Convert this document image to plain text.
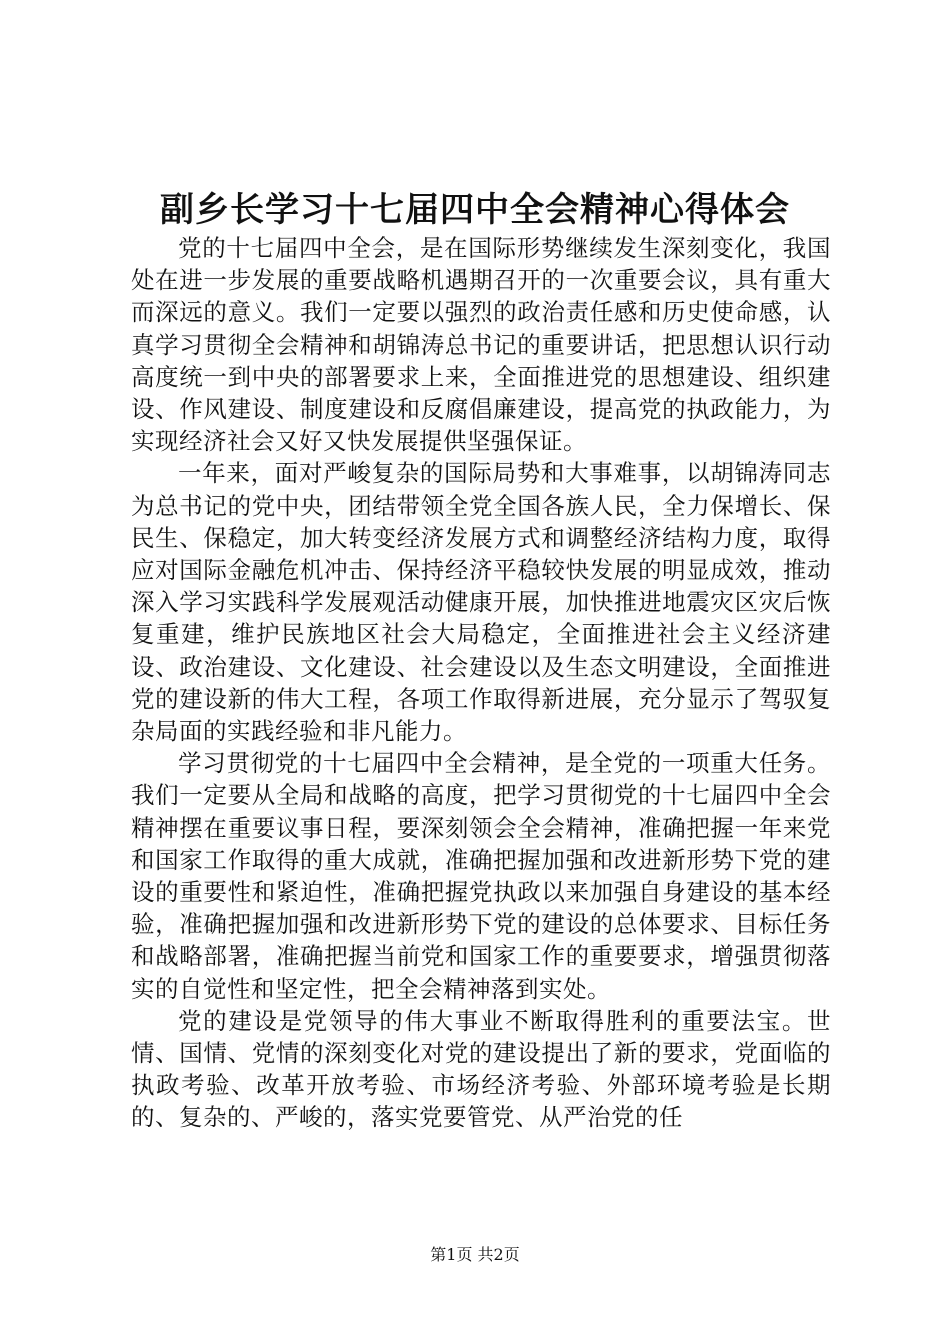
副乡长学习十七届四中全会精神心得体会

党的十七届四中全会，是在国际形势继续发生深刻变化，我国处在进一步发展的重要战略机遇期召开的一次重要会议，具有重大而深远的意义。我们一定要以强烈的政治责任感和历史使命感，认真学习贯彻全会精神和胡锦涛总书记的重要讲话，把思想认识行动高度统一到中央的部署要求上来，全面推进党的思想建设、组织建设、作风建设、制度建设和反腐倡廉建设，提高党的执政能力，为实现经济社会又好又快发展提供坚强保证。

一年来，面对严峻复杂的国际局势和大事难事，以胡锦涛同志为总书记的党中央，团结带领全党全国各族人民，全力保增长、保民生、保稳定，加大转变经济发展方式和调整经济结构力度，取得应对国际金融危机冲击、保持经济平稳较快发展的明显成效，推动深入学习实践科学发展观活动健康开展，加快推进地震灾区灾后恢复重建，维护民族地区社会大局稳定，全面推进社会主义经济建设、政治建设、文化建设、社会建设以及生态文明建设，全面推进党的建设新的伟大工程，各项工作取得新进展，充分显示了驾驭复杂局面的实践经验和非凡能力。

学习贯彻党的十七届四中全会精神，是全党的一项重大任务。我们一定要从全局和战略的高度，把学习贯彻党的十七届四中全会精神摆在重要议事日程，要深刻领会全会精神，准确把握一年来党和国家工作取得的重大成就，准确把握加强和改进新形势下党的建设的重要性和紧迫性，准确把握党执政以来加强自身建设的基本经验，准确把握加强和改进新形势下党的建设的总体要求、目标任务和战略部署，准确把握当前党和国家工作的重要要求，增强贯彻落实的自觉性和坚定性，把全会精神落到实处。

党的建设是党领导的伟大事业不断取得胜利的重要法宝。世情、国情、党情的深刻变化对党的建设提出了新的要求，党面临的执政考验、改革开放考验、市场经济考验、外部环境考验是长期的、复杂的、严峻的，落实党要管党、从严治党的任

第1页 共2页
